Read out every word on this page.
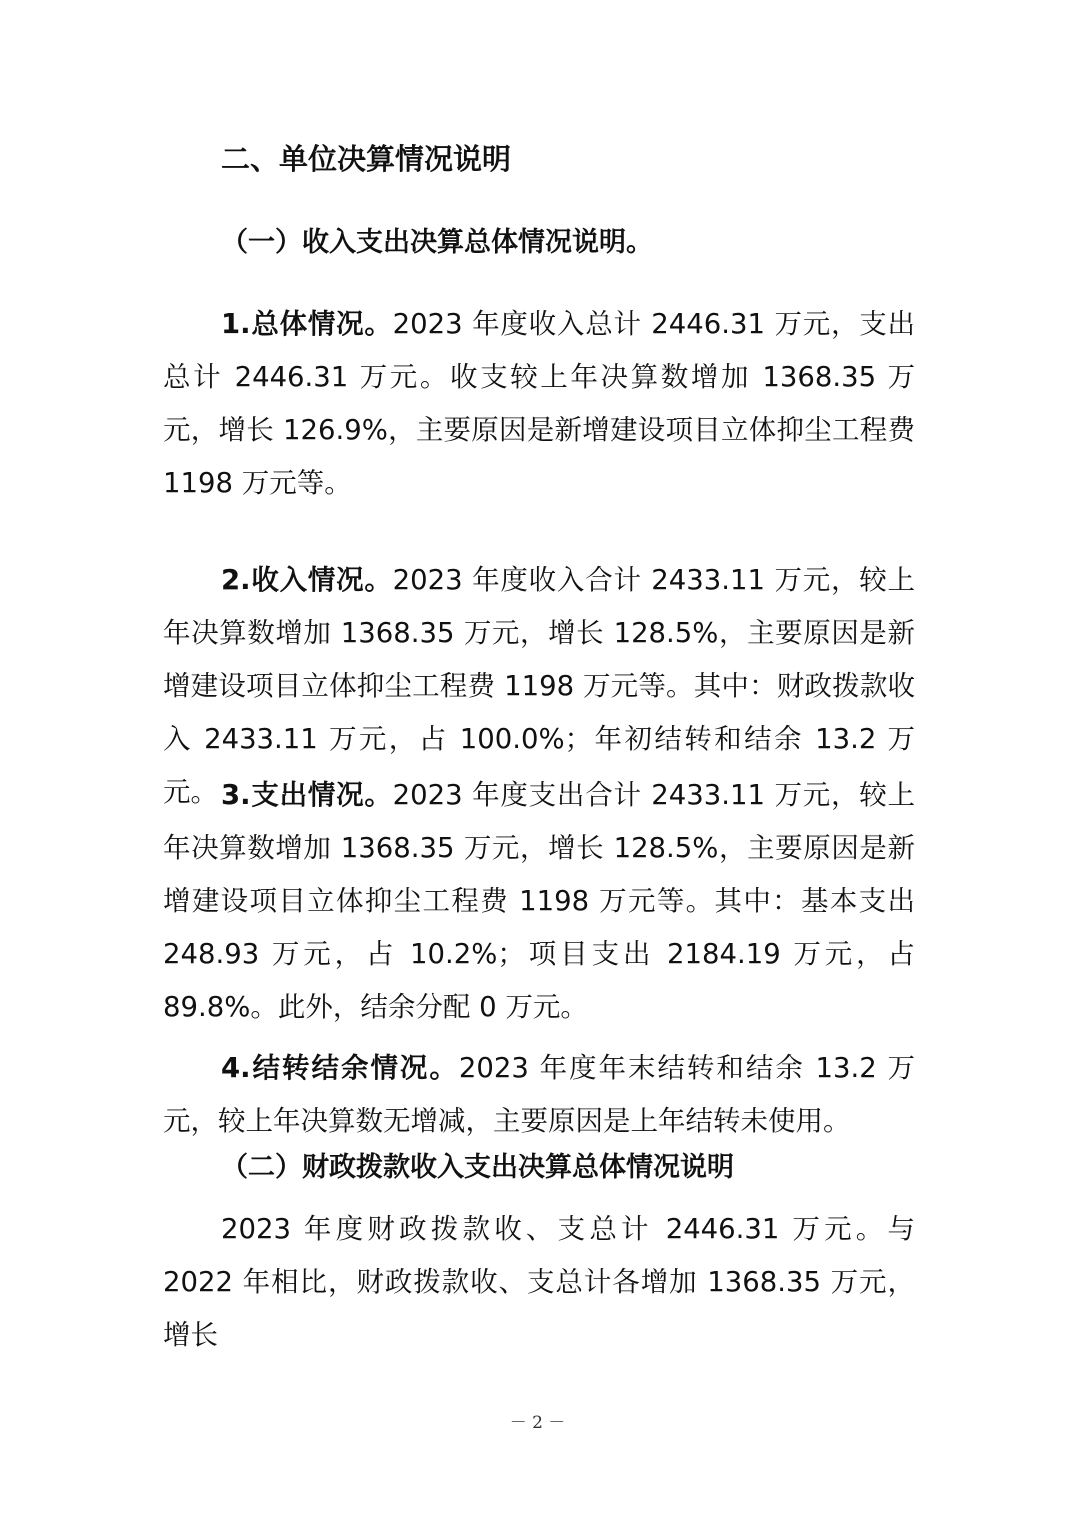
二、单位决算情况说明
（一）收入支出决算总体情况说明。

1.总体情况。2023 年度收入总计 2446.31 万元，支出总计 2446.31 万元。收支较上年决算数增加 1368.35 万元，增长 126.9%，主要原因是新增建设项目立体抑尘工程费 1198 万元等。

2.收入情况。2023 年度收入合计 2433.11 万元，较上年决算数增加 1368.35 万元，增长 128.5%，主要原因是新增建设项目立体抑尘工程费 1198 万元等。其中：财政拨款收入 2433.11 万元，占 100.0%；年初结转和结余 13.2 万元。 3.支出情况。2023 年度支出合计 2433.11 万元，较上年决算数增加 1368.35 万元，增长 128.5%，主要原因是新增建设项目立体抑尘工程费 1198 万元等。其中：基本支出 248.93 万元，占 10.2%；项目支出 2184.19 万元，占 89.8%。此外，结余分配 0 万元。

4.结转结余情况。2023 年度年末结转和结余 13.2 万元，较上年决算数无增减，主要原因是上年结转未使用。

（二）财政拨款收入支出决算总体情况说明

2023 年度财政拨款收、支总计 2446.31 万元。与 2022 年相比，财政拨款收、支总计各增加 1368.35 万元，增长

－ 2 －
